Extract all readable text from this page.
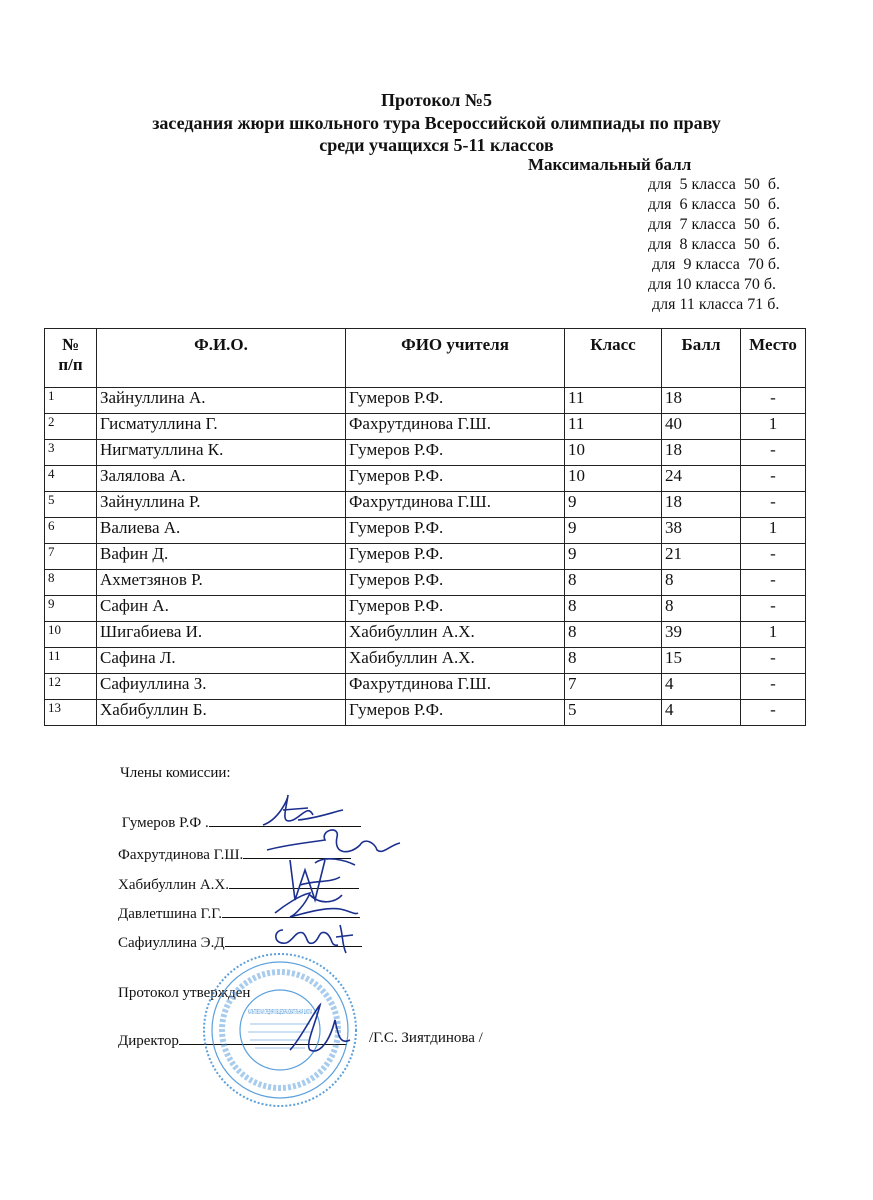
Протокол №5
заседания жюри школьного тура Всероссийской олимпиады по праву
среди учащихся 5-11 классов
Максимальный балл
для  5 класса  50  б.
для  6 класса  50  б.
для  7 класса  50  б.
для  8 класса  50  б.
для  9 класса  70 б.
для 10 класса 70 б.
для 11 класса 71 б.
№
п/п	Ф.И.О.	ФИО учителя	Класс	Балл	Место
1	Зайнуллина А.	Гумеров Р.Ф.	11	18	-
2	Гисматуллина Г.	Фахрутдинова Г.Ш.	11	40	1
3	Нигматуллина К.	Гумеров Р.Ф.	10	18	-
4	Залялова А.	Гумеров Р.Ф.	10	24	-
5	Зайнуллина Р.	Фахрутдинова Г.Ш.	9	18	-
6	Валиева А.	Гумеров Р.Ф.	9	38	1
7	Вафин Д.	Гумеров Р.Ф.	9	21	-
8	Ахметзянов Р.	Гумеров Р.Ф.	8	8	-
9	Сафин А.	Гумеров Р.Ф.	8	8	-
10	Шигабиева И.	Хабибуллин А.Х.	8	39	1
11	Сафина Л.	Хабибуллин А.Х.	8	15	-
12	Сафиуллина З.	Фахрутдинова Г.Ш.	7	4	-
13	Хабибуллин Б.	Гумеров Р.Ф.	5	4	-
Члены комиссии:
Гумеров Р.Ф .
Фахрутдинова Г.Ш.
Хабибуллин А.Х.
Давлетшина Г.Г.
Сафиуллина Э.Д
Протокол утвержден
Директор	/Г.С. Зиятдинова /
КАЛЬТОВСКАЯ СРЕДНЯЯ ОБЩЕОБРАЗОВАТЕЛЬНАЯ ШКОЛА
